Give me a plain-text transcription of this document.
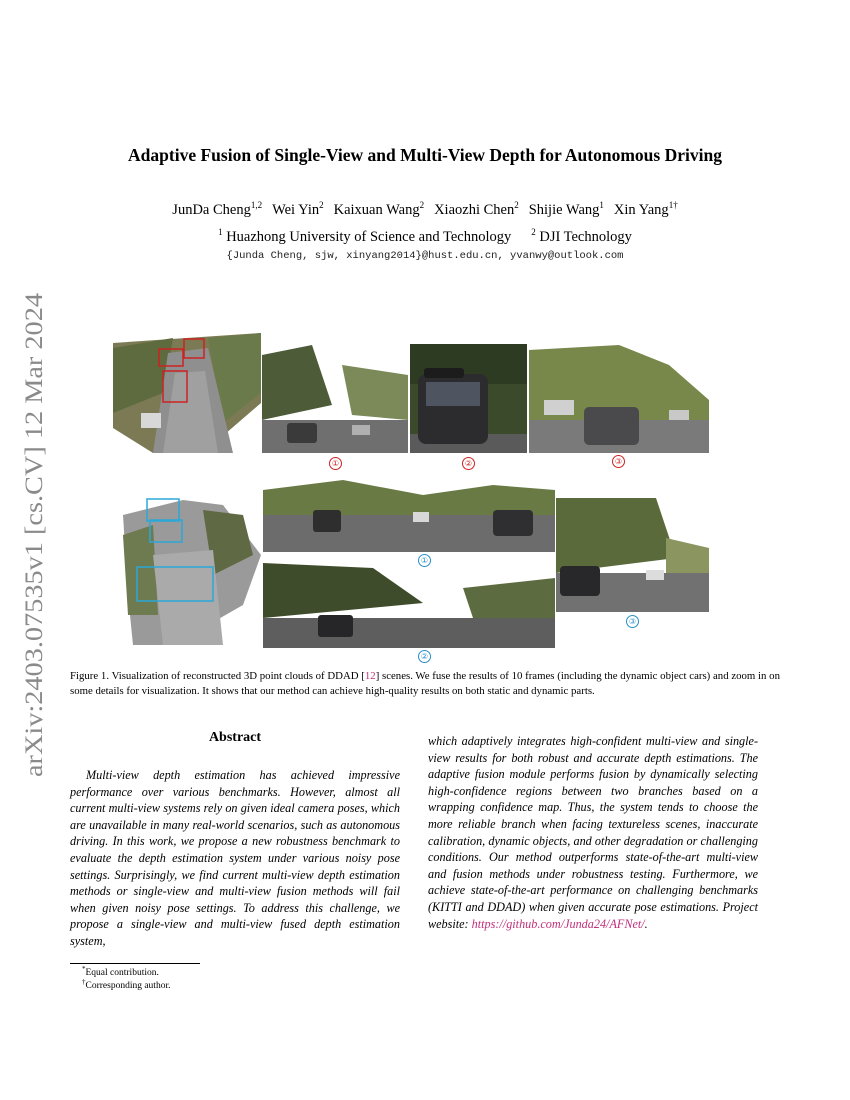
arXiv:2403.07535v1 [cs.CV] 12 Mar 2024
Adaptive Fusion of Single-View and Multi-View Depth for Autonomous Driving
JunDa Cheng$^{1,2}$ Wei Yin$^2$ Kaixuan Wang$^2$ Xiaozhi Chen$^2$ Shijie Wang$^1$ Xin Yang$^{1\dagger}$
$^1$ Huazhong University of Science and Technology $^2$ DJI Technology
{Junda Cheng, sjw, xinyang2014}@hust.edu.cn, yvanwy@outlook.com
①	②	③
①
②
③
Figure 1. Visualization of reconstructed 3D point clouds of DDAD [12] scenes. We fuse the results of 10 frames (including the dynamic object cars) and zoom in on some details for visualization. It shows that our method can achieve high-quality results on both static and dynamic parts.
Abstract
Multi-view depth estimation has achieved impressive performance over various benchmarks. However, almost all current multi-view systems rely on given ideal camera poses, which are unavailable in many real-world scenarios, such as autonomous driving. In this work, we propose a new robustness benchmark to evaluate the depth estimation system under various noisy pose settings. Surprisingly, we find current multi-view depth estimation methods or single-view and multi-view fusion methods will fail when given noisy pose settings. To address this challenge, we propose a single-view and multi-view fused depth estimation system,
which adaptively integrates high-confident multi-view and single-view results for both robust and accurate depth estimations. The adaptive fusion module performs fusion by dynamically selecting high-confidence regions between two branches based on a wrapping confidence map. Thus, the system tends to choose the more reliable branch when facing textureless scenes, inaccurate calibration, dynamic objects, and other degradation or challenging conditions. Our method outperforms state-of-the-art multi-view and fusion methods under robustness testing. Furthermore, we achieve state-of-the-art performance on challenging benchmarks (KITTI and DDAD) when given accurate pose estimations. Project website: https://github.com/Junda24/AFNet/.
*Equal contribution.
†Corresponding author.
